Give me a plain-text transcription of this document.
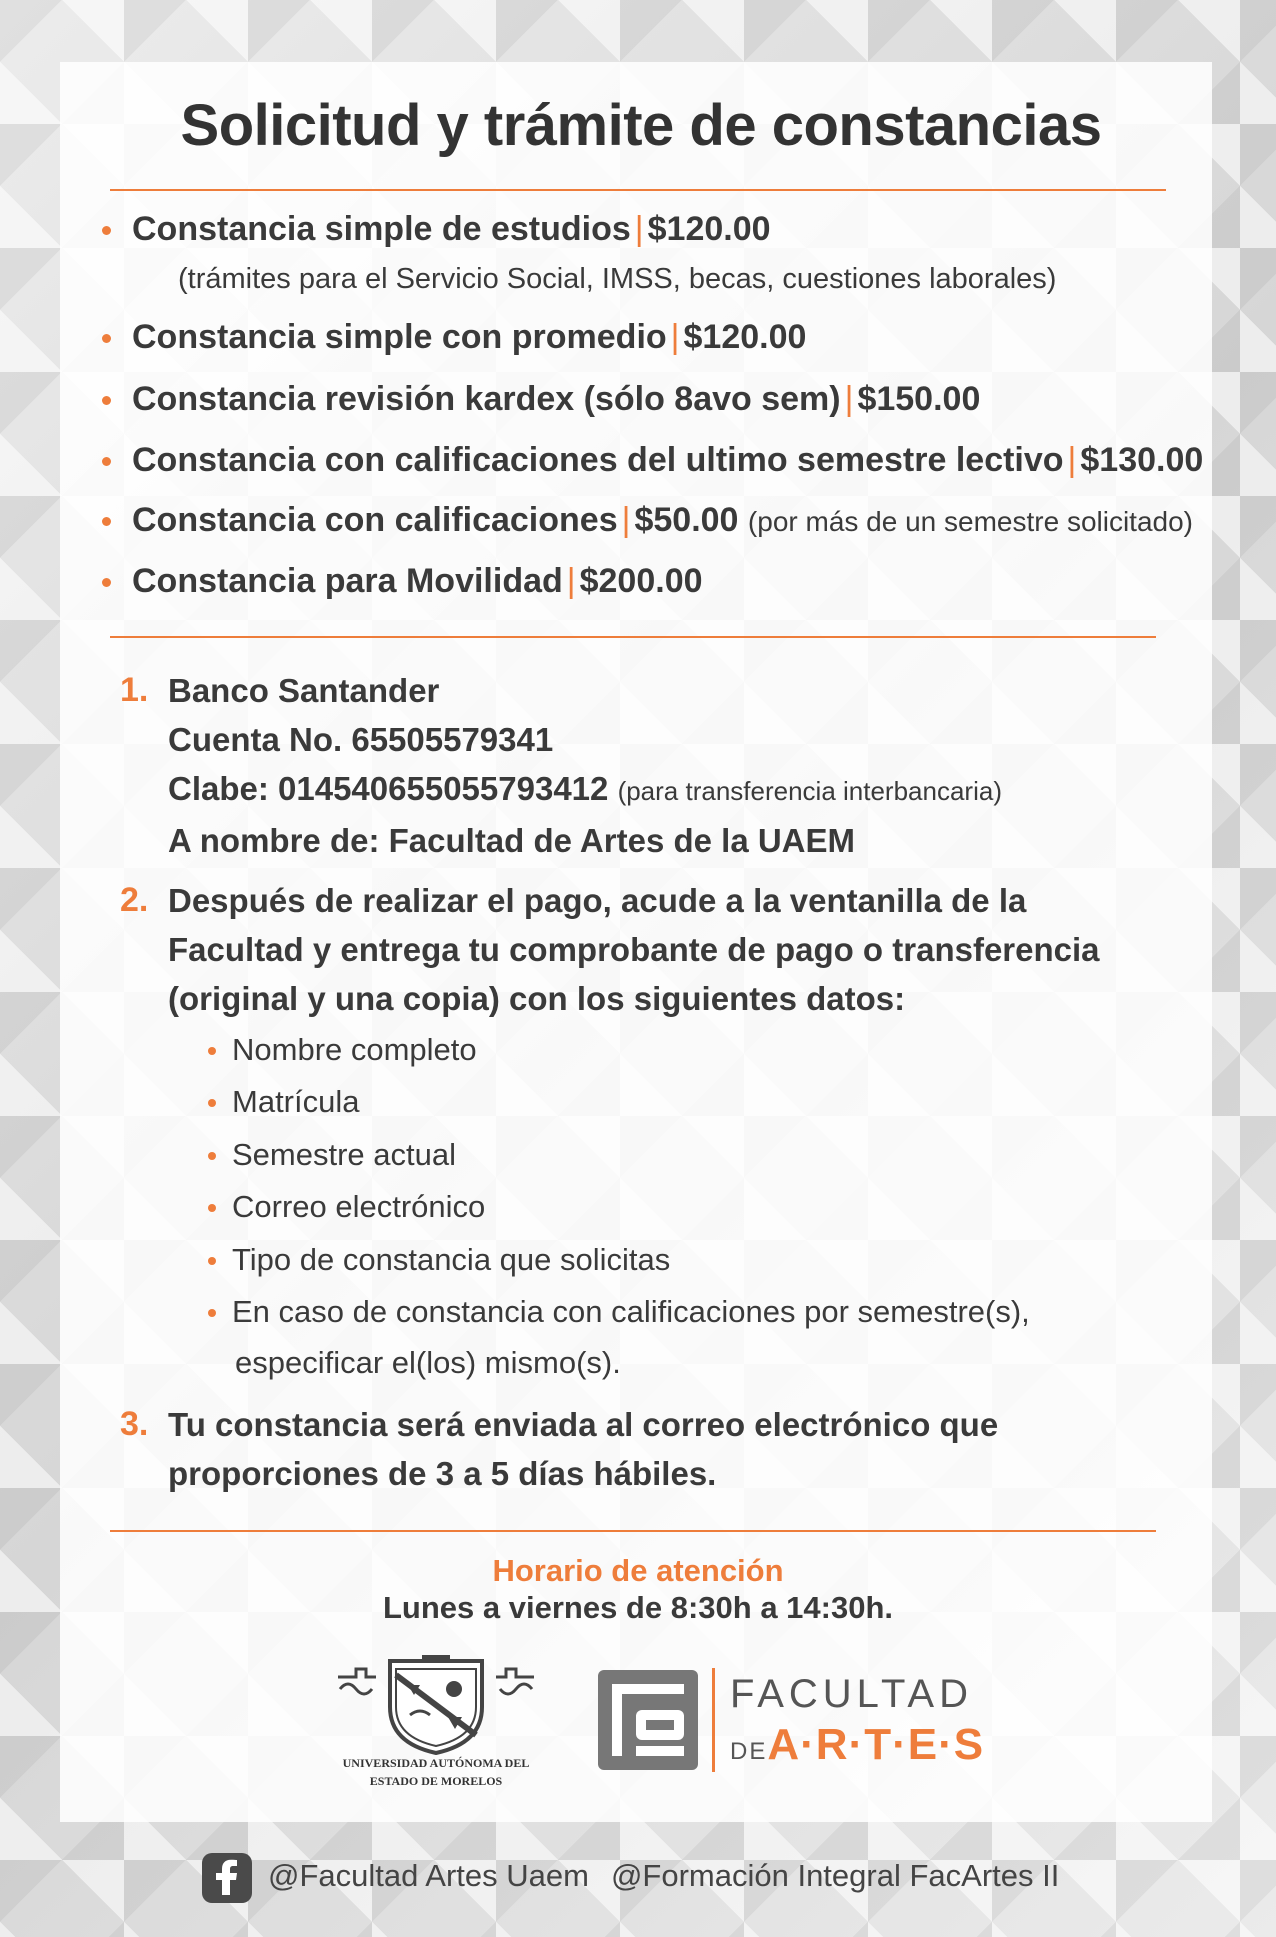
Solicitud y trámite de constancias
Constancia simple de estudios | $120.00
(trámites para el Servicio Social, IMSS, becas, cuestiones laborales)
Constancia simple con promedio | $120.00
Constancia revisión kardex (sólo 8avo sem) | $150.00
Constancia con calificaciones del ultimo semestre lectivo | $130.00
Constancia con calificaciones | $50.00 (por más de un semestre solicitado)
Constancia para Movilidad | $200.00
1. Banco Santander
Cuenta No. 65505579341
Clabe: 014540655055793412 (para transferencia interbancaria)
A nombre de: Facultad de Artes de la UAEM
2. Después de realizar el pago, acude a la ventanilla de la
Facultad y entrega tu comprobante de pago o transferencia
(original y una copia) con los siguientes datos:
Nombre completo
Matrícula
Semestre actual
Correo electrónico
Tipo de constancia que solicitas
En caso de constancia con calificaciones por semestre(s),
especificar el(los) mismo(s).
3. Tu constancia será enviada al correo electrónico que
proporciones de 3 a 5 días hábiles.
Horario de atención
Lunes a viernes de 8:30h a 14:30h.
UNIVERSIDAD AUTÓNOMA DEL
ESTADO DE MORELOS
FACULTAD
DEA·R·T·E·S
@Facultad Artes Uaem @Formación Integral FacArtes II
